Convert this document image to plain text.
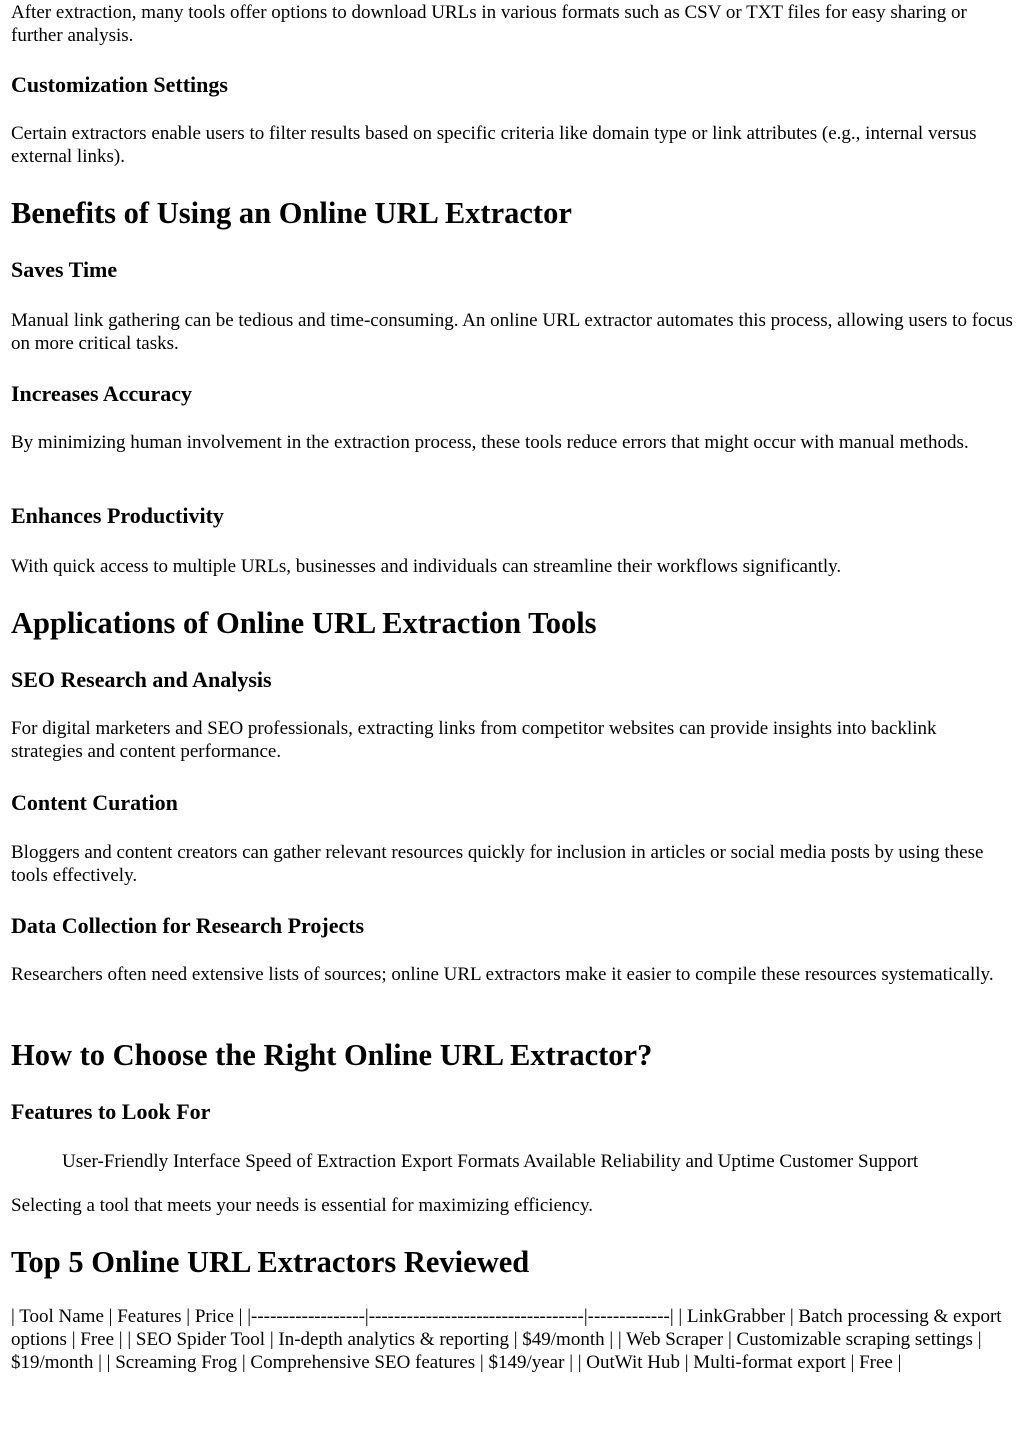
After extraction, many tools offer options to download URLs in various formats such as CSV or TXT files for easy sharing or further analysis.

Customization Settings

Certain extractors enable users to filter results based on specific criteria like domain type or link attributes (e.g., internal versus external links).

Benefits of Using an Online URL Extractor
Saves Time

Manual link gathering can be tedious and time-consuming. An online URL extractor automates this process, allowing users to focus on more critical tasks.

Increases Accuracy

By minimizing human involvement in the extraction process, these tools reduce errors that might occur with manual methods.

Enhances Productivity

With quick access to multiple URLs, businesses and individuals can streamline their workflows significantly.

Applications of Online URL Extraction Tools
SEO Research and Analysis

For digital marketers and SEO professionals, extracting links from competitor websites can provide insights into backlink strategies and content performance.

Content Curation

Bloggers and content creators can gather relevant resources quickly for inclusion in articles or social media posts by using these tools effectively.

Data Collection for Research Projects

Researchers often need extensive lists of sources; online URL extractors make it easier to compile these resources systematically.

How to Choose the Right Online URL Extractor?
Features to Look For

User-Friendly Interface Speed of Extraction Export Formats Available Reliability and Uptime Customer Support

Selecting a tool that meets your needs is essential for maximizing efficiency.

Top 5 Online URL Extractors Reviewed

| Tool Name | Features | Price | |------------------|----------------------------------|-------------| | LinkGrabber | Batch processing & export options | Free | | SEO Spider Tool | In-depth analytics & reporting | $49/month | | Web Scraper | Customizable scraping settings | $19/month | | Screaming Frog | Comprehensive SEO features | $149/year | | OutWit Hub | Multi-format export | Free |
